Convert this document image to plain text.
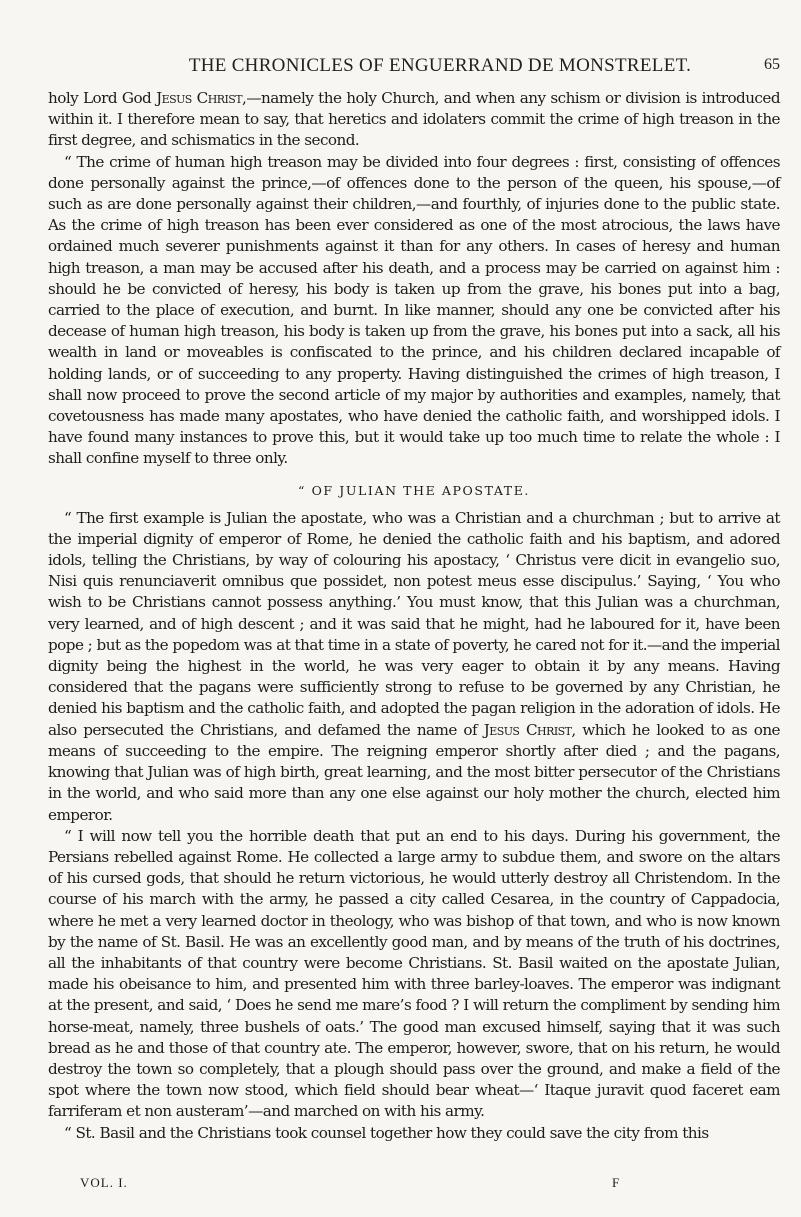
THE CHRONICLES OF ENGUERRAND DE MONSTRELET.	65

holy Lord God Jesus Christ,—namely the holy Church, and when any schism or division is introduced within it. I therefore mean to say, that heretics and idolaters commit the crime of high treason in the first degree, and schismatics in the second.

“ The crime of human high treason may be divided into four degrees : first, consisting of offences done personally against the prince,—of offences done to the person of the queen, his spouse,—of such as are done personally against their children,—and fourthly, of injuries done to the public state. As the crime of high treason has been ever considered as one of the most atrocious, the laws have ordained much severer punishments against it than for any others. In cases of heresy and human high treason, a man may be accused after his death, and a process may be carried on against him : should he be convicted of heresy, his body is taken up from the grave, his bones put into a bag, carried to the place of execution, and burnt. In like manner, should any one be convicted after his decease of human high treason, his body is taken up from the grave, his bones put into a sack, all his wealth in land or moveables is confiscated to the prince, and his children declared incapable of holding lands, or of succeeding to any property. Having distinguished the crimes of high treason, I shall now proceed to prove the second article of my major by authorities and examples, namely, that covetousness has made many apostates, who have denied the catholic faith, and worshipped idols. I have found many instances to prove this, but it would take up too much time to relate the whole : I shall confine myself to three only.

“ OF JULIAN THE APOSTATE.

“ The first example is Julian the apostate, who was a Christian and a churchman ; but to arrive at the imperial dignity of emperor of Rome, he denied the catholic faith and his baptism, and adored idols, telling the Christians, by way of colouring his apostacy, ‘ Christus vere dicit in evangelio suo, Nisi quis renunciaverit omnibus que possidet, non potest meus esse discipulus.’ Saying, ‘ You who wish to be Christians cannot possess anything.’ You must know, that this Julian was a churchman, very learned, and of high descent ; and it was said that he might, had he laboured for it, have been pope ; but as the popedom was at that time in a state of poverty, he cared not for it.—and the imperial dignity being the highest in the world, he was very eager to obtain it by any means. Having considered that the pagans were sufficiently strong to refuse to be governed by any Christian, he denied his baptism and the catholic faith, and adopted the pagan religion in the adoration of idols. He also persecuted the Christians, and defamed the name of Jesus Christ, which he looked to as one means of succeeding to the empire. The reigning emperor shortly after died ; and the pagans, knowing that Julian was of high birth, great learning, and the most bitter persecutor of the Christians in the world, and who said more than any one else against our holy mother the church, elected him emperor.

“ I will now tell you the horrible death that put an end to his days. During his government, the Persians rebelled against Rome. He collected a large army to subdue them, and swore on the altars of his cursed gods, that should he return victorious, he would utterly destroy all Christendom. In the course of his march with the army, he passed a city called Cesarea, in the country of Cappadocia, where he met a very learned doctor in theology, who was bishop of that town, and who is now known by the name of St. Basil. He was an excellently good man, and by means of the truth of his doctrines, all the inhabitants of that country were become Christians. St. Basil waited on the apostate Julian, made his obeisance to him, and presented him with three barley-loaves. The emperor was indignant at the present, and said, ‘ Does he send me mare’s food ? I will return the compliment by sending him horse-meat, namely, three bushels of oats.’ The good man excused himself, saying that it was such bread as he and those of that country ate. The emperor, however, swore, that on his return, he would destroy the town so completely, that a plough should pass over the ground, and make a field of the spot where the town now stood, which field should bear wheat—‘ Itaque juravit quod faceret eam farriferam et non austeram’—and marched on with his army.

“ St. Basil and the Christians took counsel together how they could save the city from this

VOL. I.	F
